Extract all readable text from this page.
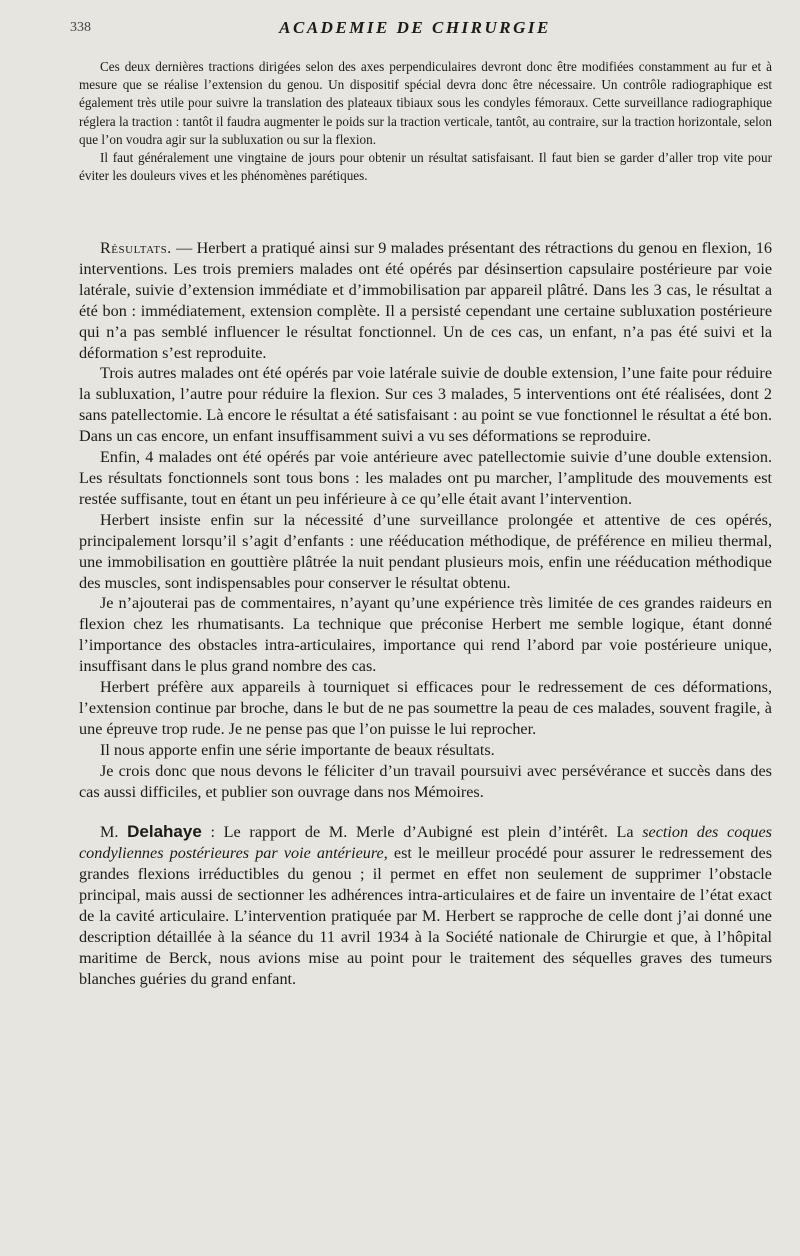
338	ACADEMIE DE CHIRURGIE

Ces deux dernières tractions dirigées selon des axes perpendiculaires devront donc être modifiées constamment au fur et à mesure que se réalise l’extension du genou. Un dispositif spécial devra donc être nécessaire. Un contrôle radiographique est également très utile pour suivre la translation des plateaux tibiaux sous les condyles fémoraux. Cette surveillance radiographique réglera la traction : tantôt il faudra augmenter le poids sur la traction verticale, tantôt, au contraire, sur la traction horizontale, selon que l’on voudra agir sur la subluxation ou sur la flexion.

Il faut généralement une vingtaine de jours pour obtenir un résultat satisfaisant. Il faut bien se garder d’aller trop vite pour éviter les douleurs vives et les phénomènes parétiques.

Résultats. — Herbert a pratiqué ainsi sur 9 malades présentant des rétractions du genou en flexion, 16 interventions. Les trois premiers malades ont été opérés par désinsertion capsulaire postérieure par voie latérale, suivie d’extension immédiate et d’immobilisation par appareil plâtré. Dans les 3 cas, le résultat a été bon : immédiatement, extension complète. Il a persisté cependant une certaine subluxation postérieure qui n’a pas semblé influencer le résultat fonctionnel. Un de ces cas, un enfant, n’a pas été suivi et la déformation s’est reproduite.

Trois autres malades ont été opérés par voie latérale suivie de double extension, l’une faite pour réduire la subluxation, l’autre pour réduire la flexion. Sur ces 3 malades, 5 interventions ont été réalisées, dont 2 sans patellectomie. Là encore le résultat a été satisfaisant : au point se vue fonctionnel le résultat a été bon. Dans un cas encore, un enfant insuffisamment suivi a vu ses déformations se reproduire.

Enfin, 4 malades ont été opérés par voie antérieure avec patellectomie suivie d’une double extension. Les résultats fonctionnels sont tous bons : les malades ont pu marcher, l’amplitude des mouvements est restée suffisante, tout en étant un peu inférieure à ce qu’elle était avant l’intervention.

Herbert insiste enfin sur la nécessité d’une surveillance prolongée et attentive de ces opérés, principalement lorsqu’il s’agit d’enfants : une rééducation méthodique, de préférence en milieu thermal, une immobilisation en gouttière plâtrée la nuit pendant plusieurs mois, enfin une rééducation méthodique des muscles, sont indispensables pour conserver le résultat obtenu.

Je n’ajouterai pas de commentaires, n’ayant qu’une expérience très limitée de ces grandes raideurs en flexion chez les rhumatisants. La technique que préconise Herbert me semble logique, étant donné l’importance des obstacles intra-articulaires, importance qui rend l’abord par voie postérieure unique, insuffisant dans le plus grand nombre des cas.

Herbert préfère aux appareils à tourniquet si efficaces pour le redressement de ces déformations, l’extension continue par broche, dans le but de ne pas soumettre la peau de ces malades, souvent fragile, à une épreuve trop rude. Je ne pense pas que l’on puisse le lui reprocher.

Il nous apporte enfin une série importante de beaux résultats.

Je crois donc que nous devons le féliciter d’un travail poursuivi avec persévérance et succès dans des cas aussi difficiles, et publier son ouvrage dans nos Mémoires.

M. Delahaye : Le rapport de M. Merle d’Aubigné est plein d’intérêt. La section des coques condyliennes postérieures par voie antérieure, est le meilleur procédé pour assurer le redressement des grandes flexions irréductibles du genou ; il permet en effet non seulement de supprimer l’obstacle principal, mais aussi de sectionner les adhérences intra-articulaires et de faire un inventaire de l’état exact de la cavité articulaire. L’intervention pratiquée par M. Herbert se rapproche de celle dont j’ai donné une description détaillée à la séance du 11 avril 1934 à la Société nationale de Chirurgie et que, à l’hôpital maritime de Berck, nous avions mise au point pour le traitement des séquelles graves des tumeurs blanches guéries du grand enfant.
